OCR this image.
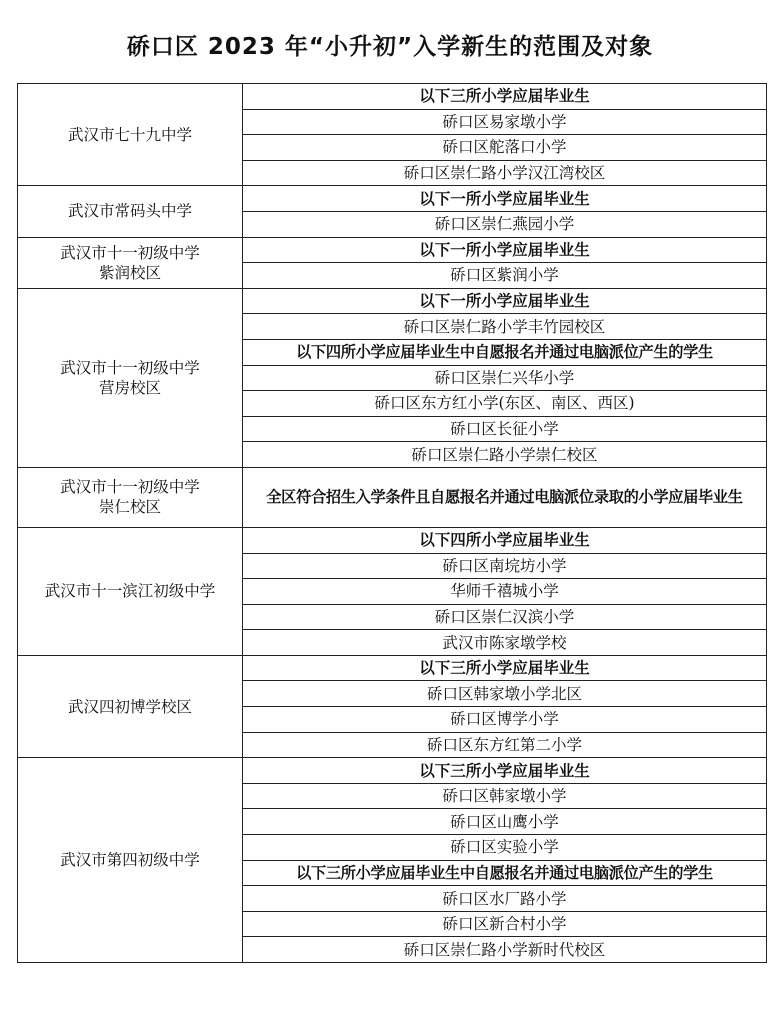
硚口区 2023 年“小升初”入学新生的范围及对象
武汉市七十九中学	以下三所小学应届毕业生
	硚口区易家墩小学
	硚口区舵落口小学
	硚口区崇仁路小学汉江湾校区

武汉市常码头中学	以下一所小学应届毕业生
	硚口区崇仁燕园小学

武汉市十一初级中学
紫润校区	以下一所小学应届毕业生
	硚口区紫润小学

武汉市十一初级中学
营房校区	以下一所小学应届毕业生
	硚口区崇仁路小学丰竹园校区
	以下四所小学应届毕业生中自愿报名并通过电脑派位产生的学生
	硚口区崇仁兴华小学
	硚口区东方红小学(东区、南区、西区)
	硚口区长征小学
	硚口区崇仁路小学崇仁校区

武汉市十一初级中学
崇仁校区	全区符合招生入学条件且自愿报名并通过电脑派位录取的小学应届毕业生

武汉市十一滨江初级中学	以下四所小学应届毕业生
	硚口区南垸坊小学
	华师千禧城小学
	硚口区崇仁汉滨小学
	武汉市陈家墩学校

武汉四初博学校区	以下三所小学应届毕业生
	硚口区韩家墩小学北区
	硚口区博学小学
	硚口区东方红第二小学

武汉市第四初级中学	以下三所小学应届毕业生
	硚口区韩家墩小学
	硚口区山鹰小学
	硚口区实验小学
	以下三所小学应届毕业生中自愿报名并通过电脑派位产生的学生
	硚口区水厂路小学
	硚口区新合村小学
	硚口区崇仁路小学新时代校区
